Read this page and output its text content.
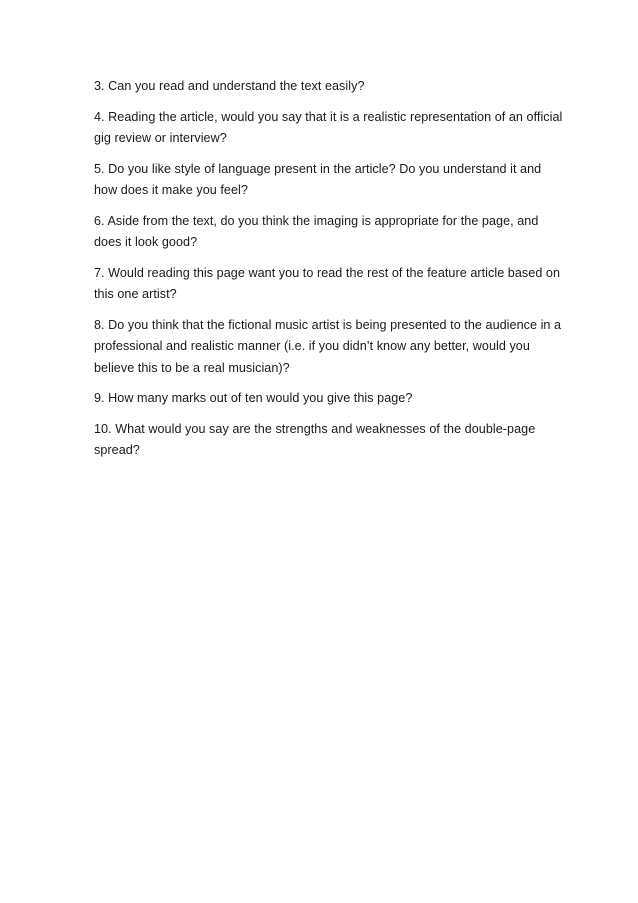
3. Can you read and understand the text easily?
4. Reading the article, would you say that it is a realistic representation of an official gig review or interview?
5. Do you like style of language present in the article? Do you understand it and how does it make you feel?
6. Aside from the text, do you think the imaging is appropriate for the page, and does it look good?
7. Would reading this page want you to read the rest of the feature article based on this one artist?
8. Do you think that the fictional music artist is being presented to the audience in a professional and realistic manner (i.e. if you didn’t know any better, would you believe this to be a real musician)?
9. How many marks out of ten would you give this page?
10. What would you say are the strengths and weaknesses of the double-page spread?
